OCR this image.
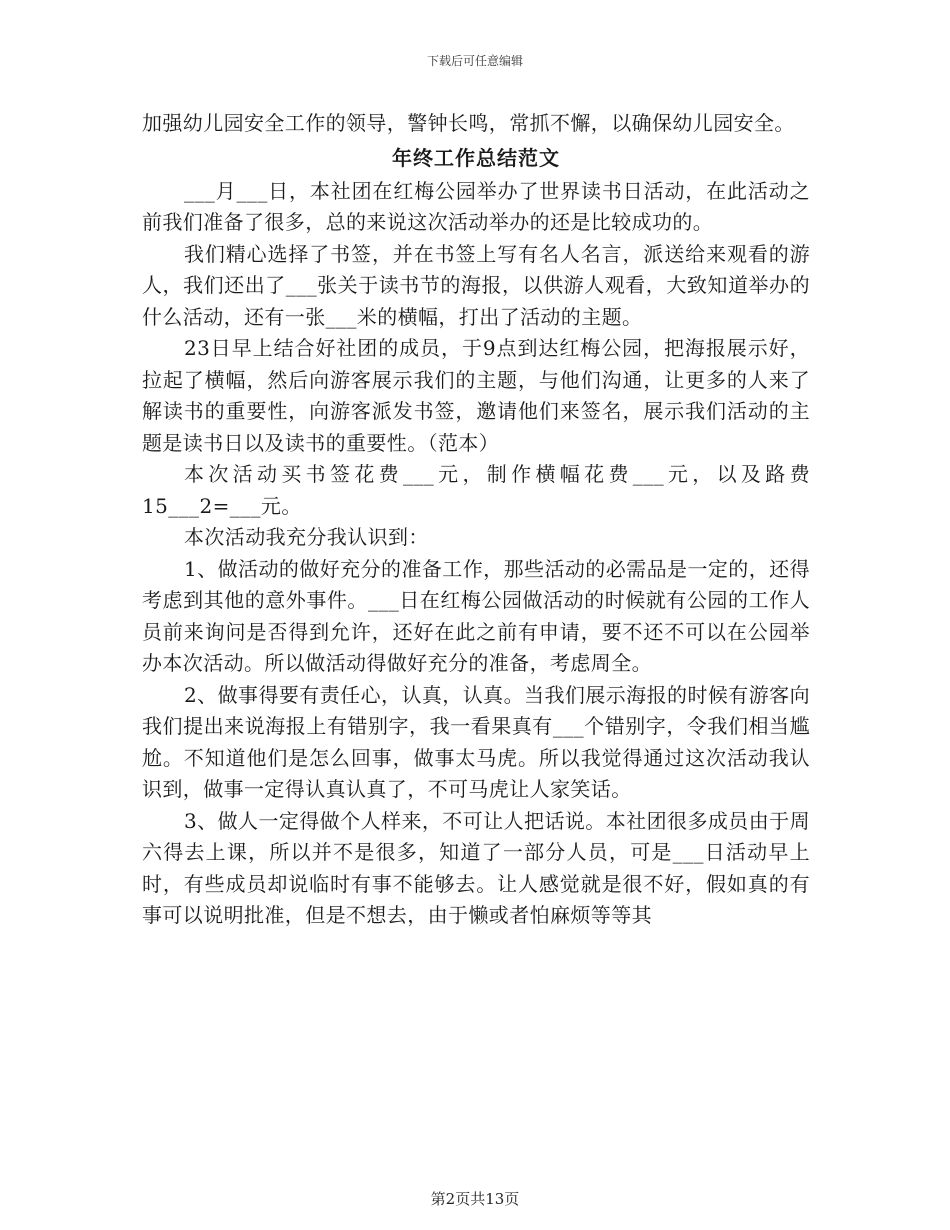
下载后可任意编辑

加强幼儿园安全工作的领导，警钟长鸣，常抓不懈，以确保幼儿园安全。

年终工作总结范文

___月___日，本社团在红梅公园举办了世界读书日活动，在此活动之前我们准备了很多，总的来说这次活动举办的还是比较成功的。

我们精心选择了书签，并在书签上写有名人名言，派送给来观看的游人，我们还出了___张关于读书节的海报，以供游人观看，大致知道举办的什么活动，还有一张___米的横幅，打出了活动的主题。

23日早上结合好社团的成员，于9点到达红梅公园，把海报展示好，拉起了横幅，然后向游客展示我们的主题，与他们沟通，让更多的人来了解读书的重要性，向游客派发书签，邀请他们来签名，展示我们活动的主题是读书日以及读书的重要性。（范本）

本次活动买书签花费___元，制作横幅花费___元，以及路费15___2=___元。

本次活动我充分我认识到：

1、做活动的做好充分的准备工作，那些活动的必需品是一定的，还得考虑到其他的意外事件。___日在红梅公园做活动的时候就有公园的工作人员前来询问是否得到允许，还好在此之前有申请，要不还不可以在公园举办本次活动。所以做活动得做好充分的准备，考虑周全。

2、做事得要有责任心，认真，认真。当我们展示海报的时候有游客向我们提出来说海报上有错别字，我一看果真有___个错别字，令我们相当尴尬。不知道他们是怎么回事，做事太马虎。所以我觉得通过这次活动我认识到，做事一定得认真认真了，不可马虎让人家笑话。

3、做人一定得做个人样来，不可让人把话说。本社团很多成员由于周六得去上课，所以并不是很多，知道了一部分人员，可是___日活动早上时，有些成员却说临时有事不能够去。让人感觉就是很不好，假如真的有事可以说明批准，但是不想去，由于懒或者怕麻烦等等其

第2页共13页
